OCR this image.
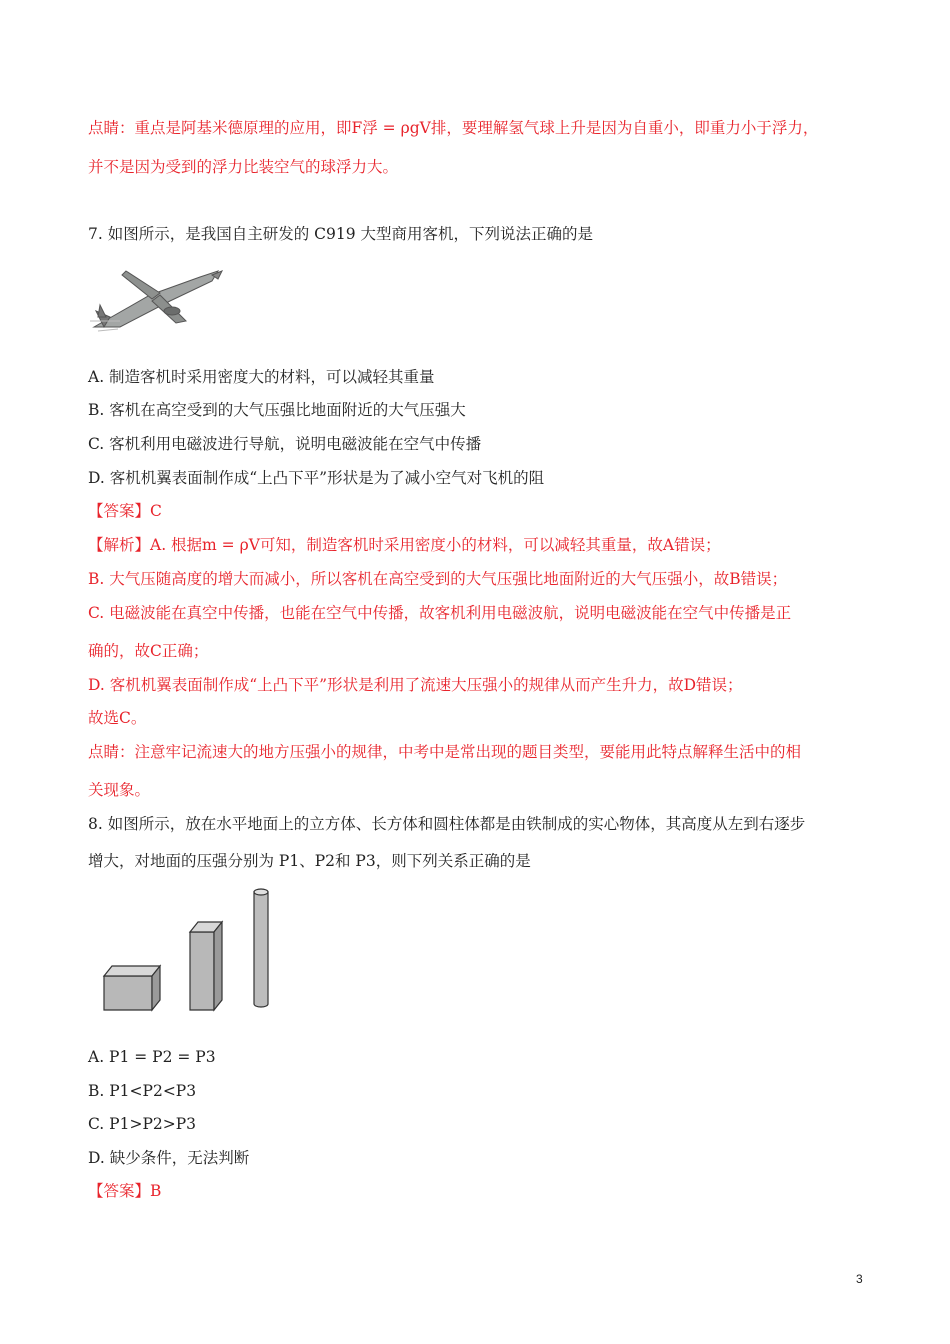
点睛：重点是阿基米德原理的应用，即F浮 = ρgV排，要理解氢气球上升是因为自重小，即重力小于浮力，
并不是因为受到的浮力比装空气的球浮力大。
7. 如图所示，是我国自主研发的 C919 大型商用客机，下列说法正确的是
A. 制造客机时采用密度大的材料，可以减轻其重量
B. 客机在高空受到的大气压强比地面附近的大气压强大
C. 客机利用电磁波进行导航，说明电磁波能在空气中传播
D. 客机机翼表面制作成“上凸下平”形状是为了减小空气对飞机的阻
【答案】C
【解析】A. 根据m = ρV可知，制造客机时采用密度小的材料，可以减轻其重量，故A错误；
B. 大气压随高度的增大而减小，所以客机在高空受到的大气压强比地面附近的大气压强小，故B错误；
C. 电磁波能在真空中传播，也能在空气中传播，故客机利用电磁波航，说明电磁波能在空气中传播是正
确的，故C正确；
D. 客机机翼表面制作成“上凸下平”形状是利用了流速大压强小的规律从而产生升力，故D错误；
故选C。
点睛：注意牢记流速大的地方压强小的规律，中考中是常出现的题目类型，要能用此特点解释生活中的相
关现象。
8. 如图所示，放在水平地面上的立方体、长方体和圆柱体都是由铁制成的实心物体，其高度从左到右逐步
增大，对地面的压强分别为 P1、P2和 P3，则下列关系正确的是
A. P1 = P2 = P3
B. P1<P2<P3
C. P1>P2>P3
D. 缺少条件，无法判断
【答案】B
3
